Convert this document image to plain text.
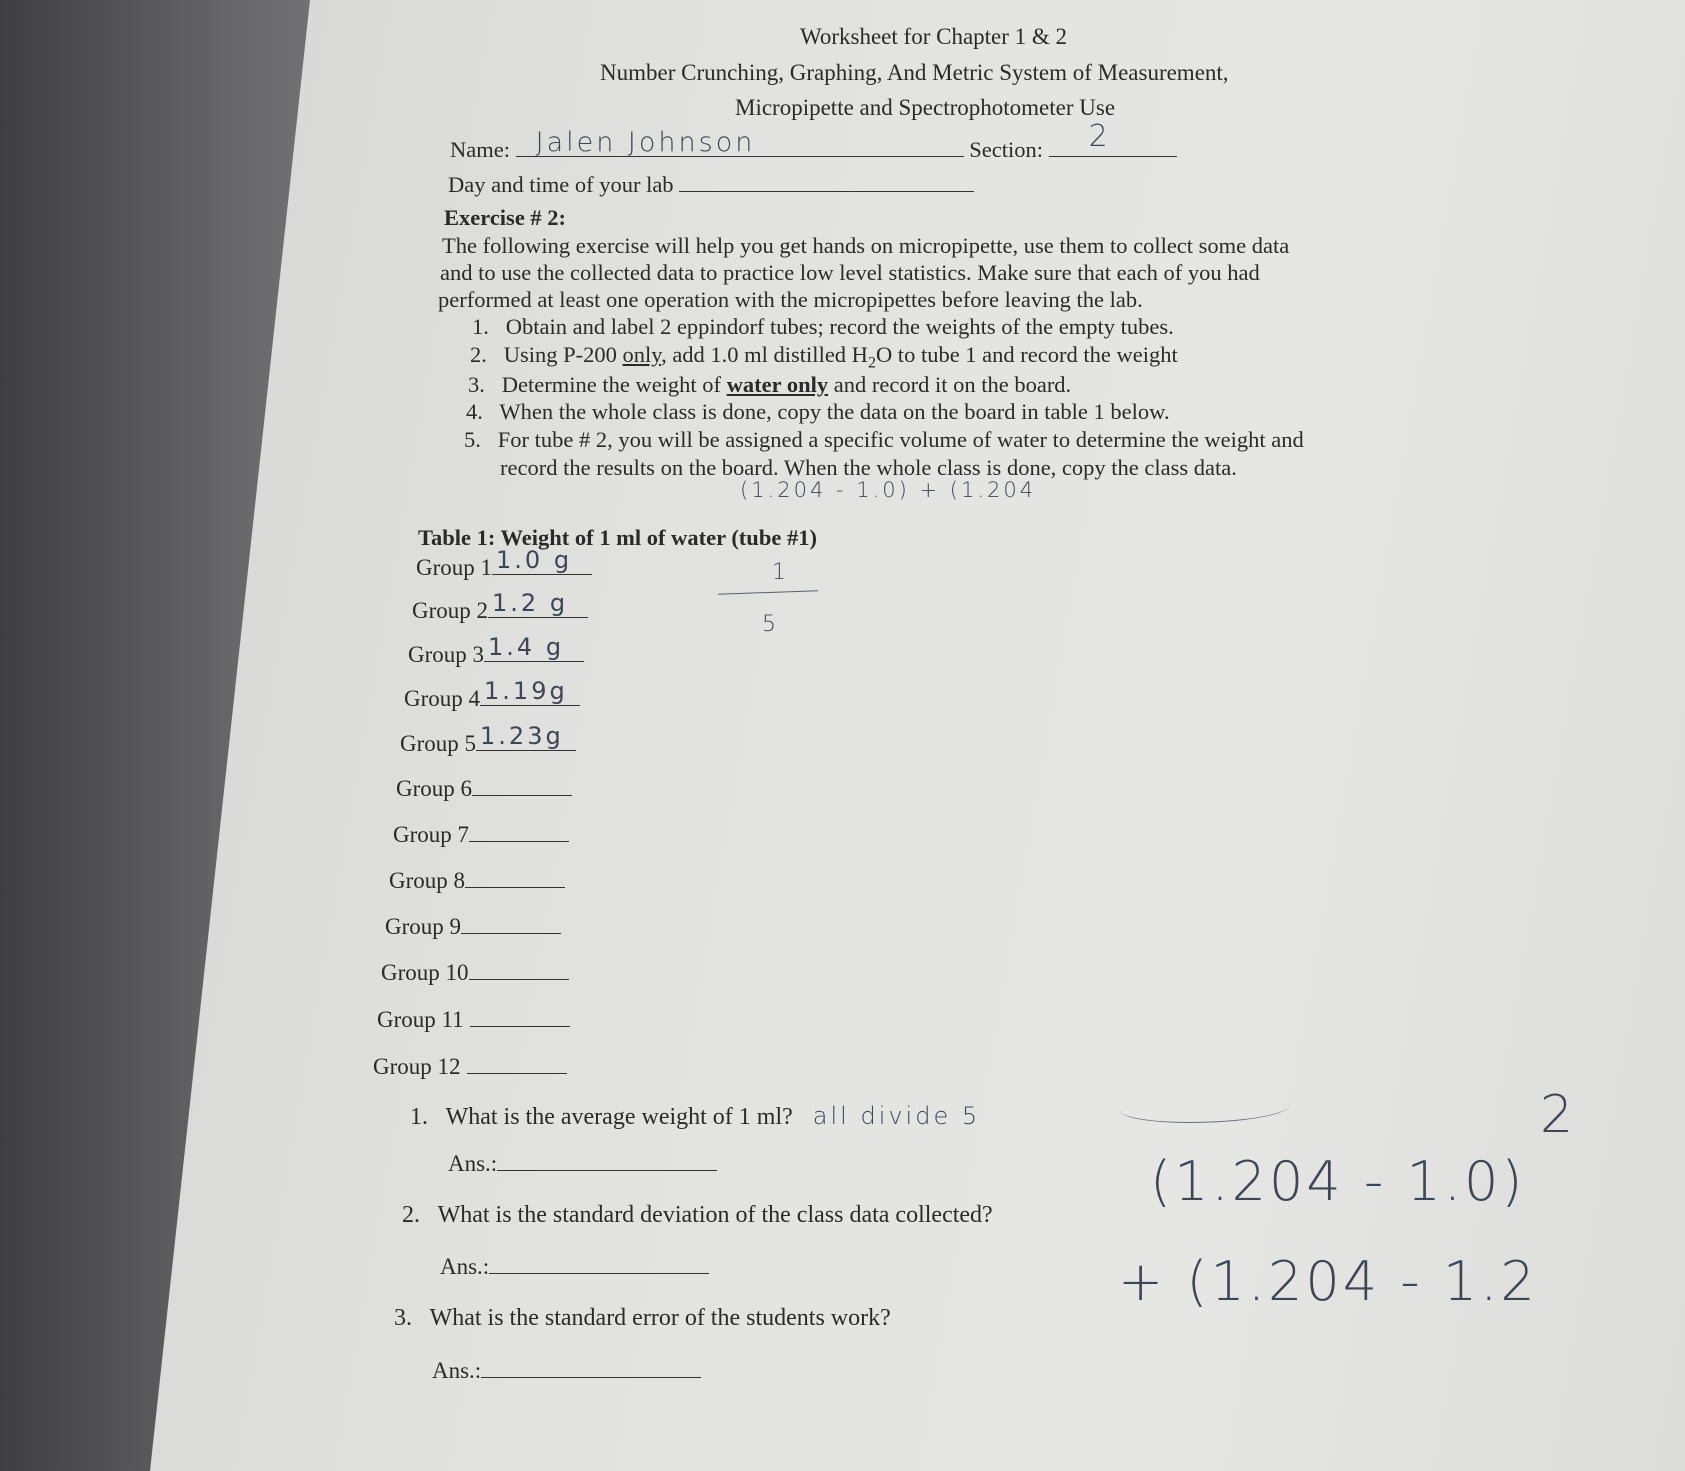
Worksheet for Chapter 1 & 2
Number Crunching, Graphing, And Metric System of Measurement,
Micropipette and Spectrophotometer Use
Name: Jalen Johnson	Section: 2
Day and time of your lab
Exercise # 2:
The following exercise will help you get hands on micropipette, use them to collect some data
and to use the collected data to practice low level statistics. Make sure that each of you had
performed at least one operation with the micropipettes before leaving the lab.
1. Obtain and label 2 eppindorf tubes; record the weights of the empty tubes.
2. Using P-200 only, add 1.0 ml distilled $H_2O$ to tube 1 and record the weight
3. Determine the weight of water only and record it on the board.
4. When the whole class is done, copy the data on the board in table 1 below.
5. For tube # 2, you will be assigned a specific volume of water to determine the weight and
record the results on the board. When the whole class is done, copy the class data.
(1.204 - 1.0) + (1.204
1
5
Table 1: Weight of 1 ml of water (tube #1)
Group 1 1.0 g
Group 2 1.2 g
Group 3 1.4 g
Group 4 1.19g
Group 5 1.23g
Group 6
Group 7
Group 8
Group 9
Group 10
Group 11
Group 12
1. What is the average weight of 1 ml? all divide 5
Ans.:
2. What is the standard deviation of the class data collected?
Ans.:
3. What is the standard error of the students work?
Ans.:
2
(1.204 - 1.0)
+ (1.204 - 1.2
